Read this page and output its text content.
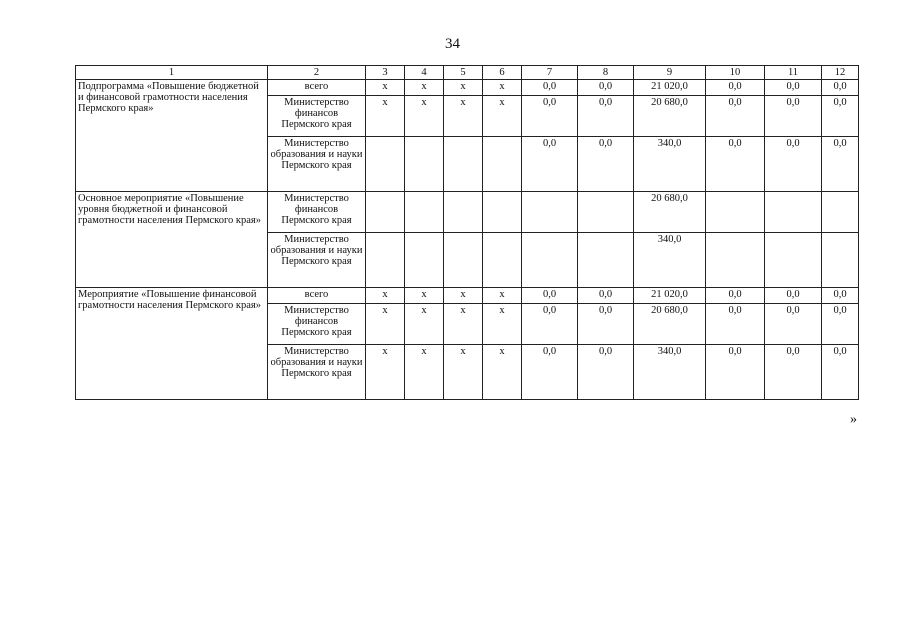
34
1	2	3	4	5	6	7	8	9	10	11	12
Подпрограмма «Повышение бюджетной и финансовой грамотности населения Пермского края»	всего	х	х	х	х	0,0	0,0	21 020,0	0,0	0,0	0,0
	Министерство финансов Пермского края	х	х	х	х	0,0	0,0	20 680,0	0,0	0,0	0,0
	Министерство образования и науки Пермского края					0,0	0,0	340,0	0,0	0,0	0,0
Основное мероприятие «Повышение уровня бюджетной и финансовой грамотности населения Пермского края»	Министерство финансов Пермского края							20 680,0			
	Министерство образования и науки Пермского края							340,0			
Мероприятие «Повышение финансовой грамотности населения Пермского края»	всего	х	х	х	х	0,0	0,0	21 020,0	0,0	0,0	0,0
	Министерство финансов Пермского края	х	х	х	х	0,0	0,0	20 680,0	0,0	0,0	0,0
	Министерство образования и науки Пермского края	х	х	х	х	0,0	0,0	340,0	0,0	0,0	0,0
»
